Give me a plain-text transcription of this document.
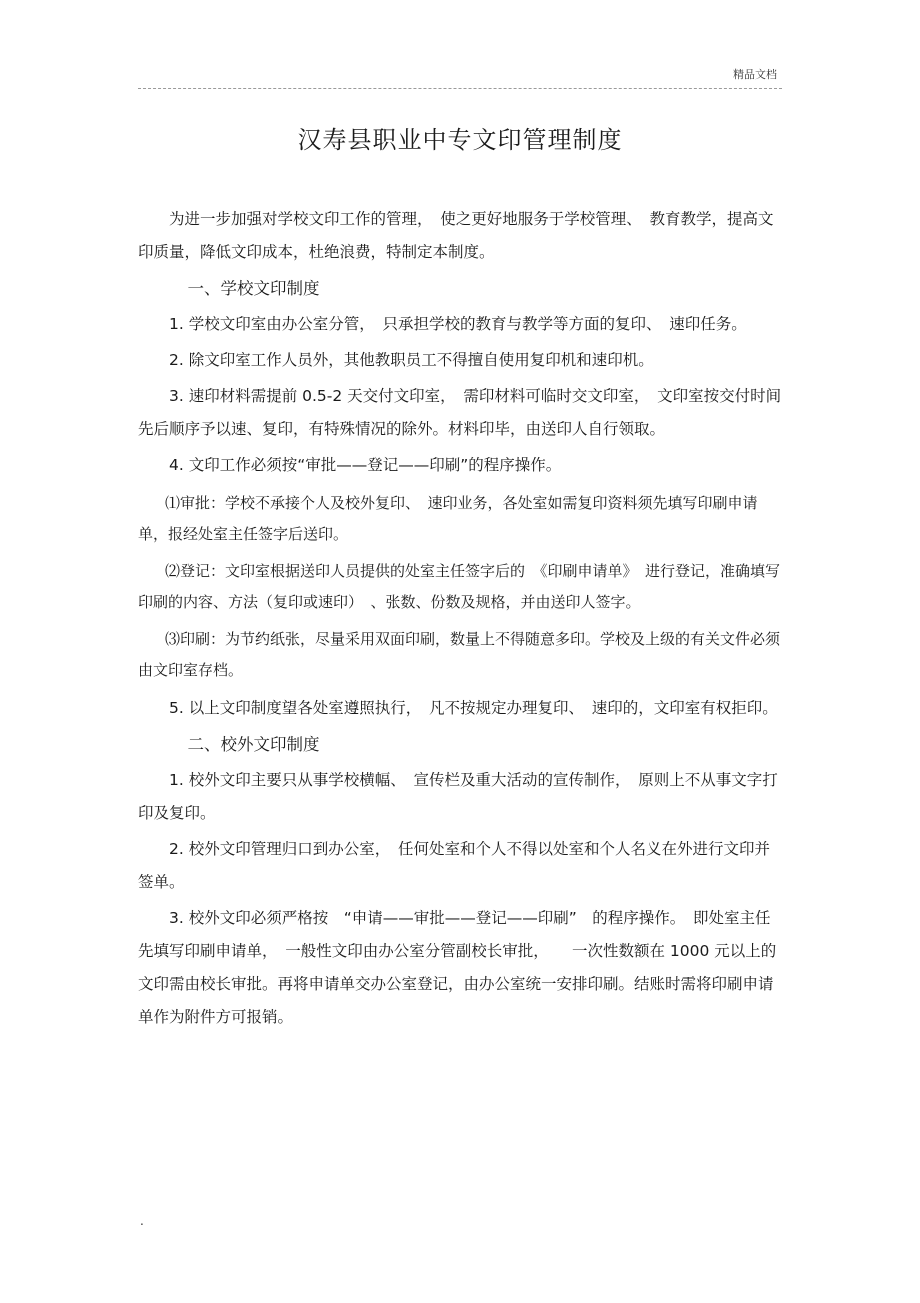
精品文档
汉寿县职业中专文印管理制度

为进一步加强对学校文印工作的管理，　使之更好地服务于学校管理、　教育教学，提高文印质量，降低文印成本，杜绝浪费，特制定本制度。

一、学校文印制度

1. 学校文印室由办公室分管，　只承担学校的教育与教学等方面的复印、　速印任务。

2. 除文印室工作人员外，其他教职员工不得擅自使用复印机和速印机。

3. 速印材料需提前 0.5-2 天交付文印室，　需印材料可临时交文印室，　文印室按交付时间先后顺序予以速、复印，有特殊情况的除外。材料印毕，由送印人自行领取。

4. 文印工作必须按“审批——登记——印刷”的程序操作。

⑴审批：学校不承接个人及校外复印、　速印业务，各处室如需复印资料须先填写印刷申请单，报经处室主任签字后送印。

⑵登记：文印室根据送印人员提供的处室主任签字后的　《印刷申请单》　进行登记，准确填写印刷的内容、方法（复印或速印）　、张数、份数及规格，并由送印人签字。

⑶印刷：为节约纸张，尽量采用双面印刷，数量上不得随意多印。学校及上级的有关文件必须由文印室存档。

5. 以上文印制度望各处室遵照执行，　凡不按规定办理复印、　速印的，文印室有权拒印。

二、校外文印制度

1. 校外文印主要只从事学校横幅、　宣传栏及重大活动的宣传制作，　原则上不从事文字打印及复印。

2. 校外文印管理归口到办公室，　任何处室和个人不得以处室和个人名义在外进行文印并签单。

3. 校外文印必须严格按　“申请——审批——登记——印刷”　的程序操作。　即处室主任先填写印刷申请单，　一般性文印由办公室分管副校长审批，　　一次性数额在 1000 元以上的文印需由校长审批。再将申请单交办公室登记，由办公室统一安排印刷。结账时需将印刷申请单作为附件方可报销。

.
